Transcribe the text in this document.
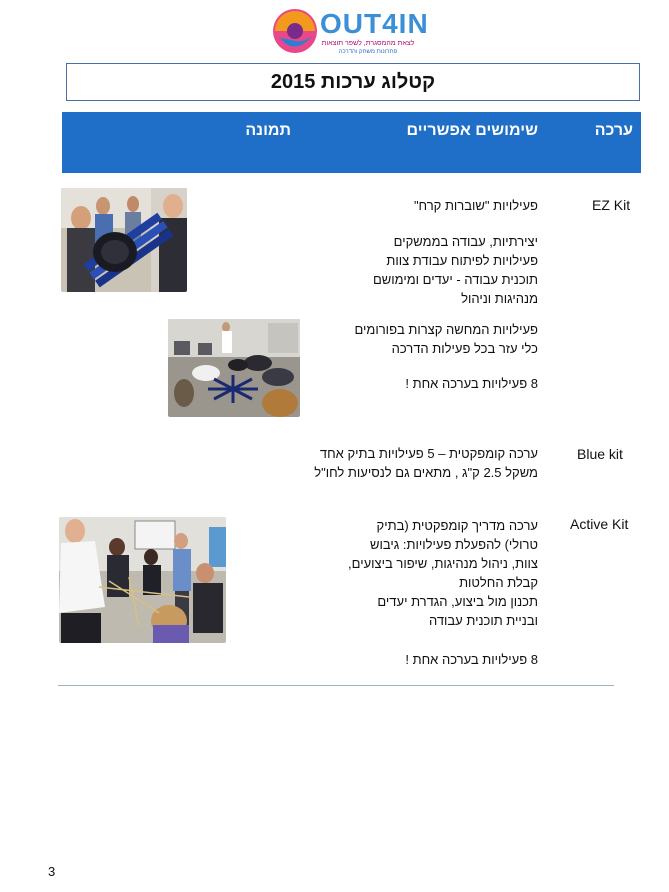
OUT4IN
לצאת מהמסגרת, לשפר תוצאות
פתרונות משחק והדרכה
קטלוג ערכות 2015
ערכה
שימושים אפשריים
תמונה
EZ Kit
פעילויות "שוברות קרח"
יצירתיות, עבודה בממשקים
פעילויות לפיתוח עבודת צוות
תוכנית עבודה - יעדים ומימושם
מנהיגות וניהול
פעילויות המחשה קצרות בפורומים
כלי עזר בכל פעילות הדרכה
8 פעילויות בערכה אחת !
Blue kit
ערכה קומפקטית – 5 פעילויות בתיק אחד
משקל 2.5 ק"ג , מתאים גם לנסיעות לחו"ל
Active Kit
ערכה מדריך קומפקטית (בתיק
טרולי) להפעלת פעילויות: גיבוש
צוות, ניהול מנהיגות, שיפור ביצועים,
קבלת החלטות
תכנון מול ביצוע, הגדרת יעדים
ובניית תוכנית עבודה
8 פעילויות בערכה אחת !
3
